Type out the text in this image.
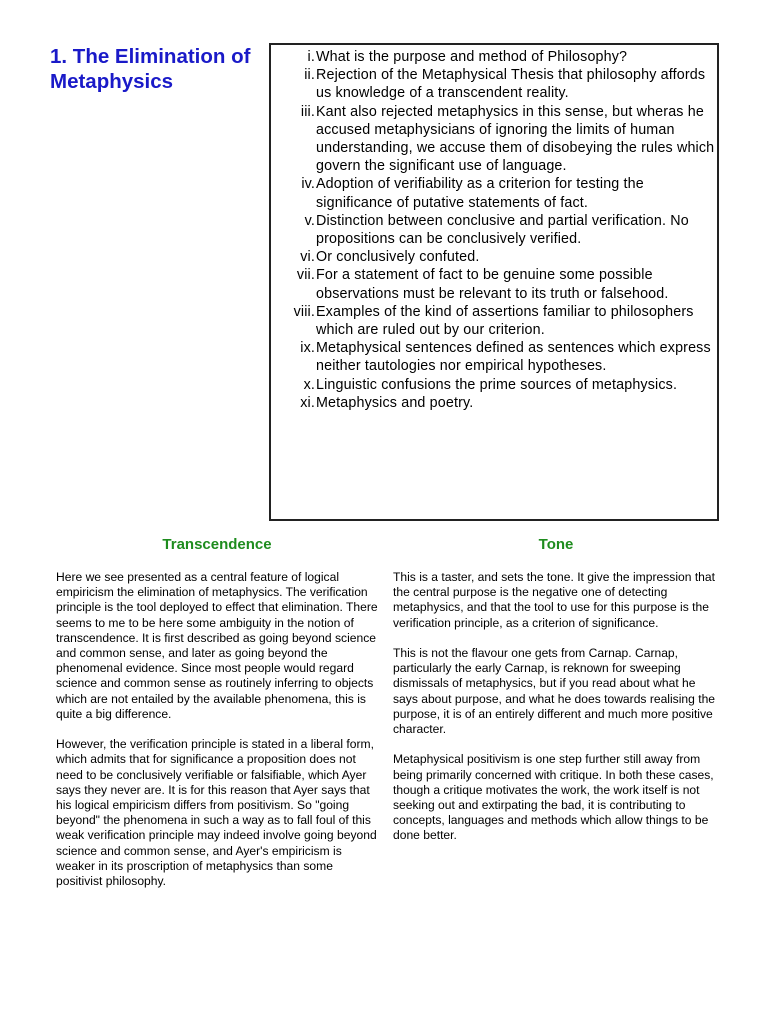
1. The Elimination of Metaphysics
i. What is the purpose and method of Philosophy?
ii. Rejection of the Metaphysical Thesis that philosophy affords us knowledge of a transcendent reality.
iii. Kant also rejected metaphysics in this sense, but wheras he accused metaphysicians of ignoring the limits of human understanding, we accuse them of disobeying the rules which govern the significant use of language.
iv. Adoption of verifiability as a criterion for testing the significance of putative statements of fact.
v. Distinction between conclusive and partial verification. No propositions can be conclusively verified.
vi. Or conclusively confuted.
vii. For a statement of fact to be genuine some possible observations must be relevant to its truth or falsehood.
viii. Examples of the kind of assertions familiar to philosophers which are ruled out by our criterion.
ix. Metaphysical sentences defined as sentences which express neither tautologies nor empirical hypotheses.
x. Linguistic confusions the prime sources of metaphysics.
xi. Metaphysics and poetry.
Transcendence	Tone

Here we see presented as a central feature of logical empiricism the elimination of metaphysics. The verification principle is the tool deployed to effect that elimination. There seems to me to be here some ambiguity in the notion of transcendence. It is first described as going beyond science and common sense, and later as going beyond the phenomenal evidence. Since most people would regard science and common sense as routinely inferring to objects which are not entailed by the available phenomena, this is quite a big difference.

However, the verification principle is stated in a liberal form, which admits that for significance a proposition does not need to be conclusively verifiable or falsifiable, which Ayer says they never are. It is for this reason that Ayer says that his logical empiricism differs from positivism. So "going beyond" the phenomena in such a way as to fall foul of this weak verification principle may indeed involve going beyond science and common sense, and Ayer's empiricism is weaker in its proscription of metaphysics than some positivist philosophy.

This is a taster, and sets the tone. It give the impression that the central purpose is the negative one of detecting metaphysics, and that the tool to use for this purpose is the verification principle, as a criterion of significance.

This is not the flavour one gets from Carnap. Carnap, particularly the early Carnap, is reknown for sweeping dismissals of metaphysics, but if you read about what he says about purpose, and what he does towards realising the purpose, it is of an entirely different and much more positive character.

Metaphysical positivism is one step further still away from being primarily concerned with critique. In both these cases, though a critique motivates the work, the work itself is not seeking out and extirpating the bad, it is contributing to concepts, languages and methods which allow things to be done better.
